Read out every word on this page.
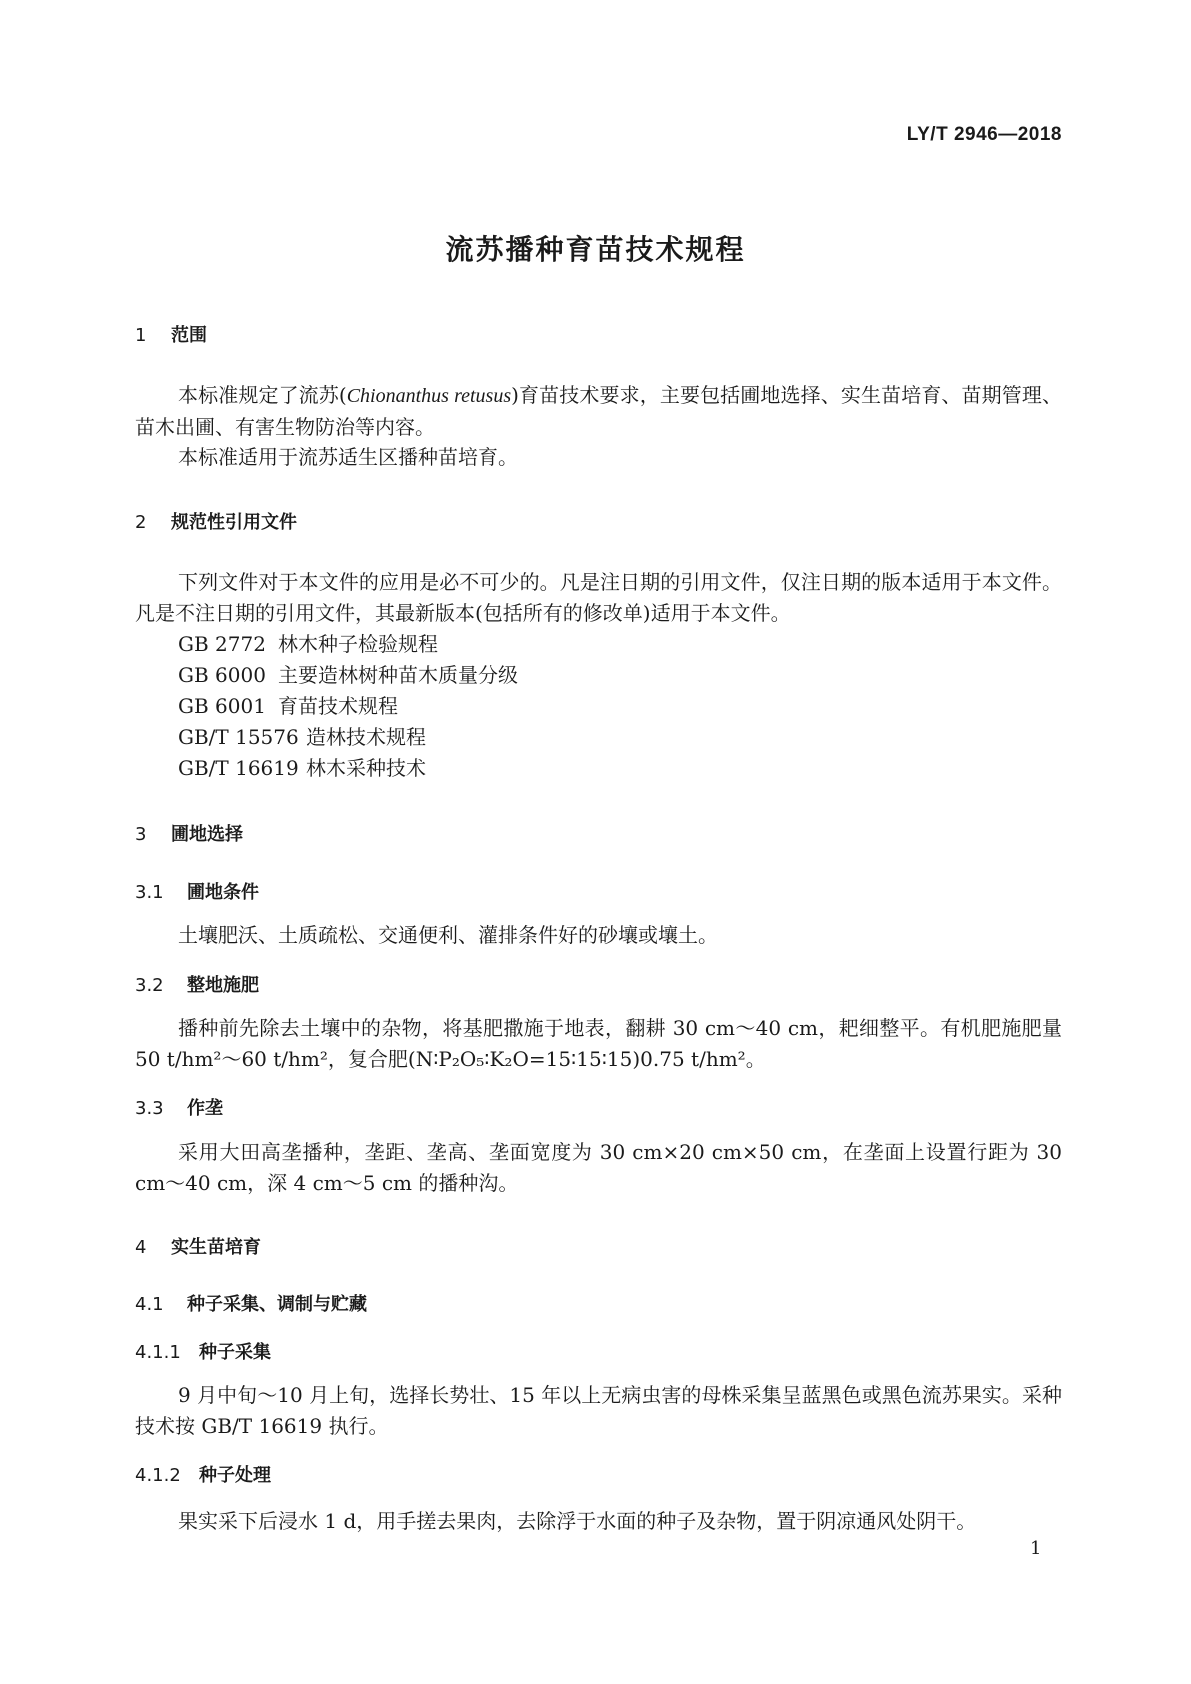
LY/T 2946—2018
流苏播种育苗技术规程
1 范围

本标准规定了流苏(Chionanthus retusus)育苗技术要求，主要包括圃地选择、实生苗培育、苗期管理、苗木出圃、有害生物防治等内容。

本标准适用于流苏适生区播种苗培育。

2 规范性引用文件

下列文件对于本文件的应用是必不可少的。凡是注日期的引用文件，仅注日期的版本适用于本文件。凡是不注日期的引用文件，其最新版本(包括所有的修改单)适用于本文件。

GB 2772 林木种子检验规程
GB 6000 主要造林树种苗木质量分级
GB 6001 育苗技术规程
GB/T 15576 造林技术规程
GB/T 16619 林木采种技术
3 圃地选择
3.1 圃地条件

土壤肥沃、土质疏松、交通便利、灌排条件好的砂壤或壤土。

3.2 整地施肥

播种前先除去土壤中的杂物，将基肥撒施于地表，翻耕 30 cm～40 cm，耙细整平。有机肥施肥量 50 t/hm²～60 t/hm²，复合肥(N∶P₂O₅∶K₂O=15∶15∶15)0.75 t/hm²。

3.3 作垄

采用大田高垄播种，垄距、垄高、垄面宽度为 30 cm×20 cm×50 cm，在垄面上设置行距为 30 cm～40 cm，深 4 cm～5 cm 的播种沟。

4 实生苗培育
4.1 种子采集、调制与贮藏
4.1.1 种子采集

9 月中旬～10 月上旬，选择长势壮、15 年以上无病虫害的母株采集呈蓝黑色或黑色流苏果实。采种技术按 GB/T 16619 执行。

4.1.2 种子处理

果实采下后浸水 1 d，用手搓去果肉，去除浮于水面的种子及杂物，置于阴凉通风处阴干。

1
